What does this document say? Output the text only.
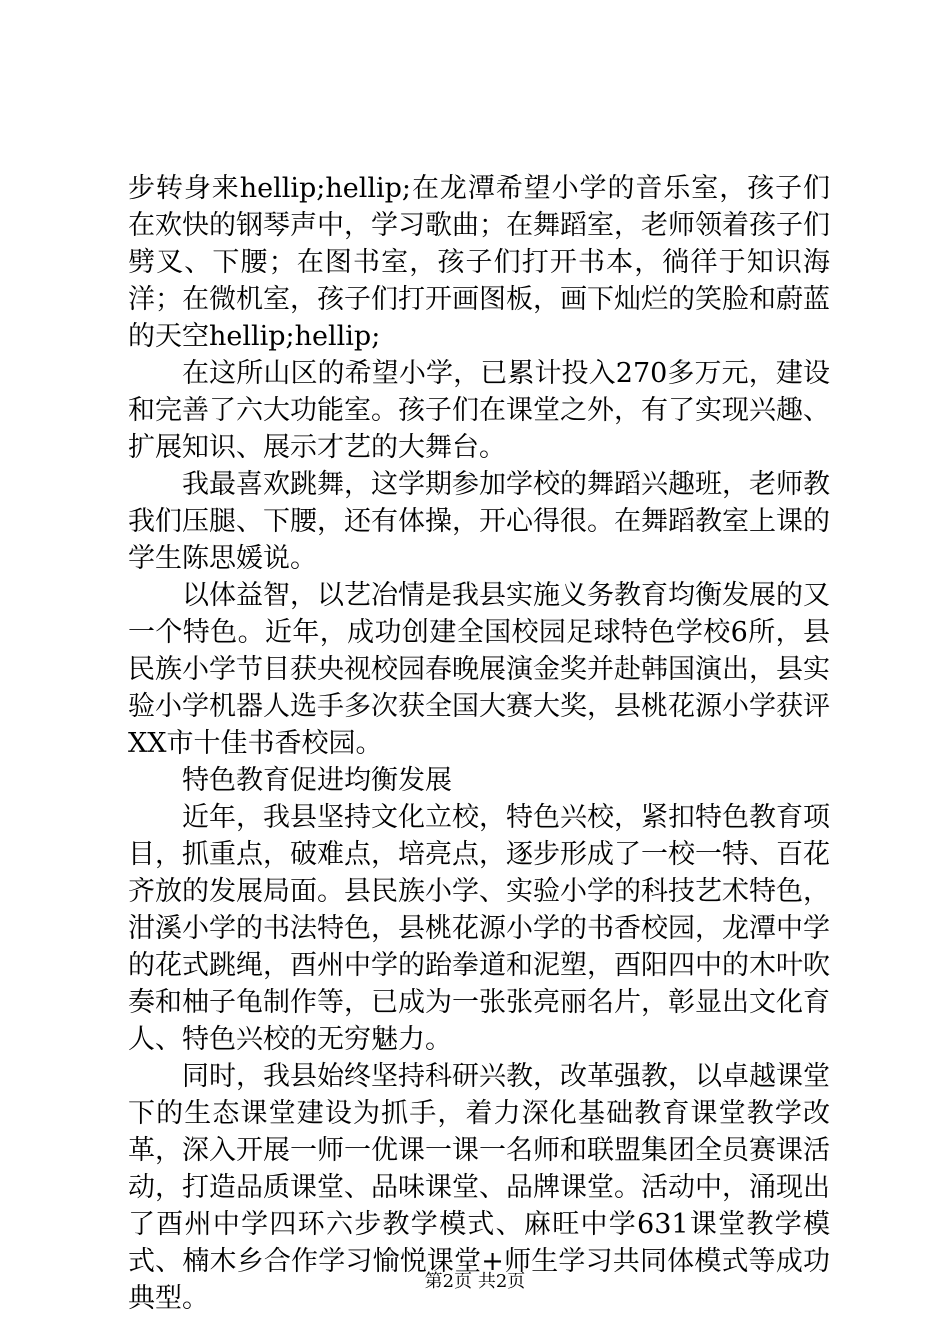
步转身来hellip;hellip;在龙潭希望小学的音乐室，孩子们在欢快的钢琴声中，学习歌曲；在舞蹈室，老师领着孩子们劈叉、下腰；在图书室，孩子们打开书本，徜徉于知识海洋；在微机室，孩子们打开画图板，画下灿烂的笑脸和蔚蓝的天空hellip;hellip;

在这所山区的希望小学，已累计投入270多万元，建设和完善了六大功能室。孩子们在课堂之外，有了实现兴趣、扩展知识、展示才艺的大舞台。

我最喜欢跳舞，这学期参加学校的舞蹈兴趣班，老师教我们压腿、下腰，还有体操，开心得很。在舞蹈教室上课的学生陈思媛说。

以体益智，以艺冶情是我县实施义务教育均衡发展的又一个特色。近年，成功创建全国校园足球特色学校6所，县民族小学节目获央视校园春晚展演金奖并赴韩国演出，县实验小学机器人选手多次获全国大赛大奖，县桃花源小学获评XX市十佳书香校园。

特色教育促进均衡发展

近年，我县坚持文化立校，特色兴校，紧扣特色教育项目，抓重点，破难点，培亮点，逐步形成了一校一特、百花齐放的发展局面。县民族小学、实验小学的科技艺术特色，泔溪小学的书法特色，县桃花源小学的书香校园，龙潭中学的花式跳绳，酉州中学的跆拳道和泥塑，酉阳四中的木叶吹奏和柚子龟制作等，已成为一张张亮丽名片，彰显出文化育人、特色兴校的无穷魅力。

同时，我县始终坚持科研兴教，改革强教，以卓越课堂下的生态课堂建设为抓手，着力深化基础教育课堂教学改革，深入开展一师一优课一课一名师和联盟集团全员赛课活动，打造品质课堂、品味课堂、品牌课堂。活动中，涌现出了酉州中学四环六步教学模式、麻旺中学631课堂教学模式、楠木乡合作学习愉悦课堂+师生学习共同体模式等成功典型。

第2页 共2页
